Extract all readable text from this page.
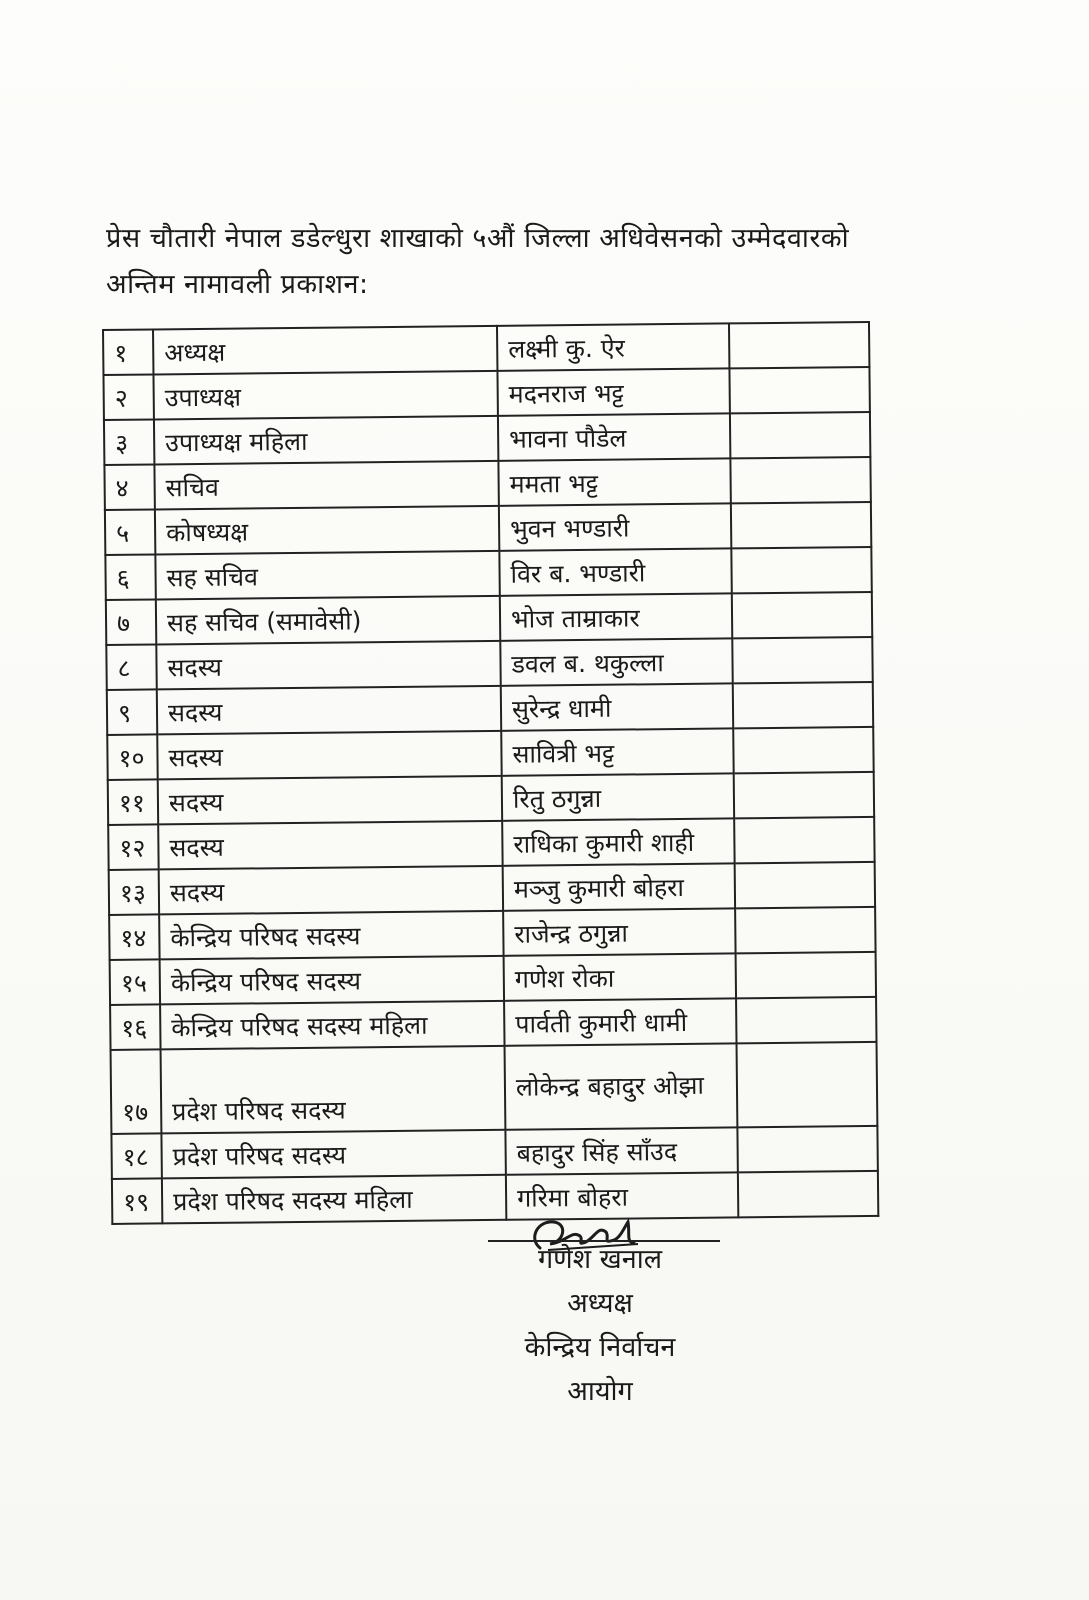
प्रेस चौतारी नेपाल डडेल्धुरा शाखाको ५औं जिल्ला अधिवेसनको उम्मेदवारको
अन्तिम नामावली प्रकाशन:
१	अध्यक्ष	लक्ष्मी कु. ऐर	
२	उपाध्यक्ष	मदनराज भट्ट	
३	उपाध्यक्ष महिला	भावना पौडेल	
४	सचिव	ममता भट्ट	
५	कोषध्यक्ष	भुवन भण्डारी	
६	सह सचिव	विर ब. भण्डारी	
७	सह सचिव (समावेसी)	भोज ताम्राकार	
८	सदस्य	डवल ब. थकुल्ला	
९	सदस्य	सुरेन्द्र धामी	
१०	सदस्य	सावित्री भट्ट	
११	सदस्य	रितु ठगुन्ना	
१२	सदस्य	राधिका कुमारी शाही	
१३	सदस्य	मञ्जु कुमारी बोहरा	
१४	केन्द्रिय परिषद सदस्य	राजेन्द्र ठगुन्ना	
१५	केन्द्रिय परिषद सदस्य	गणेश रोका	
१६	केन्द्रिय परिषद सदस्य महिला	पार्वती कुमारी धामी	
१७	प्रदेश परिषद सदस्य	लोकेन्द्र बहादुर ओझा	
१८	प्रदेश परिषद सदस्य	बहादुर सिंह साँउद	
१९	प्रदेश परिषद सदस्य महिला	गरिमा बोहरा	
गणेश खनाल
अध्यक्ष
केन्द्रिय निर्वाचन
आयोग
